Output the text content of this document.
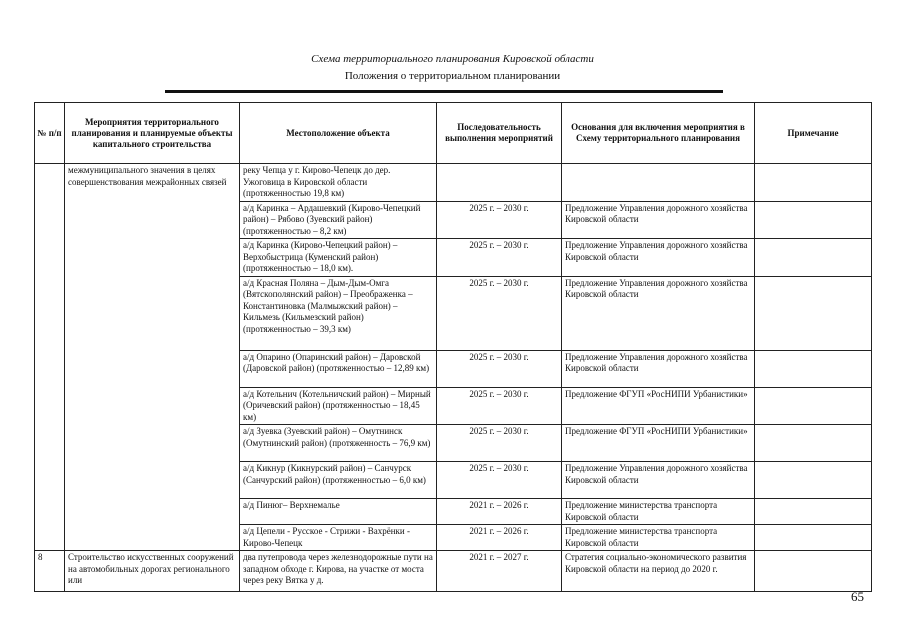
Схема территориального планирования Кировской области
Положения о территориальном планировании
№ п/п	Мероприятия территориального планирования и планируемые объекты капитального строительства	Местоположение объекта	Последовательность выполнения мероприятий	Основания для включения мероприятия в Схему территориального планирования	Примечание
	межмуниципального значения в целях совершенствования межрайонных связей	реку Чепца у г. Кирово-Чепецк до дер. Ужоговица в Кировской области (протяженностью 19,8 км)			
		а/д Каринка – Ардашевкий (Кирово-Чепецкий район) – Рябово (Зуевский район) (протяженностью – 8,2 км)	2025 г. – 2030 г.	Предложение Управления дорожного хозяйства Кировской области	
		а/д Каринка (Кирово-Чепецкий район) – Верхобыстрица (Куменский район) (протяженностью – 18,0 км).	2025 г. – 2030 г.	Предложение Управления дорожного хозяйства Кировской области	
		а/д Красная Поляна – Дым-Дым-Омга (Вятскополянский район) – Преображенка – Константиновка (Малмыжский район) – Кильмезь (Кильмезский район) (протяженностью – 39,3 км)	2025 г. – 2030 г.	Предложение Управления дорожного хозяйства Кировской области	
		а/д Опарино (Опаринский район) – Даровской (Даровской район) (протяженностью – 12,89 км)	2025 г. – 2030 г.	Предложение Управления дорожного хозяйства Кировской области	
		а/д Котельнич (Котельничский район) – Мирный (Оричевский район) (протяженностью – 18,45 км)	2025 г. – 2030 г.	Предложение ФГУП «РосНИПИ Урбанистики»	
		а/д Зуевка (Зуевский район) – Омутнинск (Омутнинский район) (протяженность – 76,9 км)	2025 г. – 2030 г.	Предложение ФГУП «РосНИПИ Урбанистики»	
		а/д Кикнур (Кикнурский район) – Санчурск (Санчурский район) (протяженностью – 6,0 км)	2025 г. – 2030 г.	Предложение Управления дорожного хозяйства Кировской области	
		а/д Пинюг– Верхнемалье	2021 г. – 2026 г.	Предложение министерства транспорта Кировской области	
		а/д Цепели - Русское - Стрижи - Вахрёнки - Кирово-Чепецк	2021 г. – 2026 г.	Предложение министерства транспорта Кировской области	
8	Строительство искусственных сооружений на автомобильных дорогах регионального или	два путепровода через железнодорожные пути на западном обходе г. Кирова, на участке от моста через реку Вятка у д.	2021 г. – 2027 г.	Стратегия социально-экономического развития Кировской области на период до 2020 г.	
65
